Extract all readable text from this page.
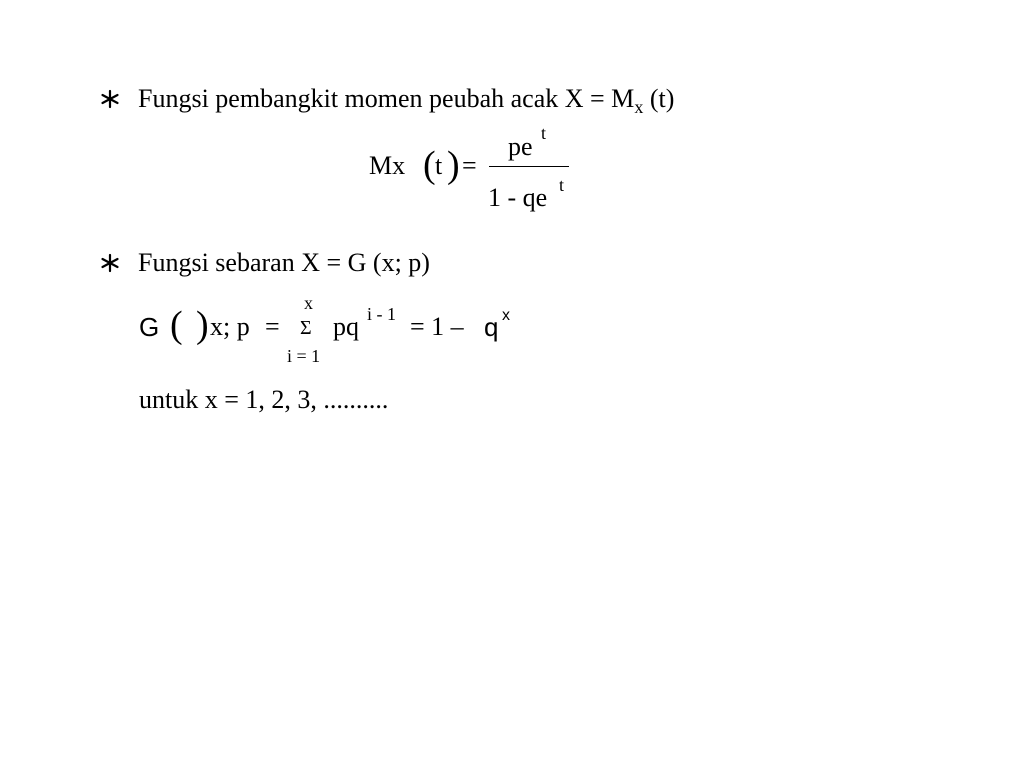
Fungsi pembangkit momen peubah acak $X = M_x$ (t)
Mx ( t ) =
pe t
1 - qe t
Fungsi sebaran X = G (x; p)
G ( ) x; p =
x
Σ
i = 1
pq i - 1 = 1 – q x
untuk x = 1, 2, 3, ..........
